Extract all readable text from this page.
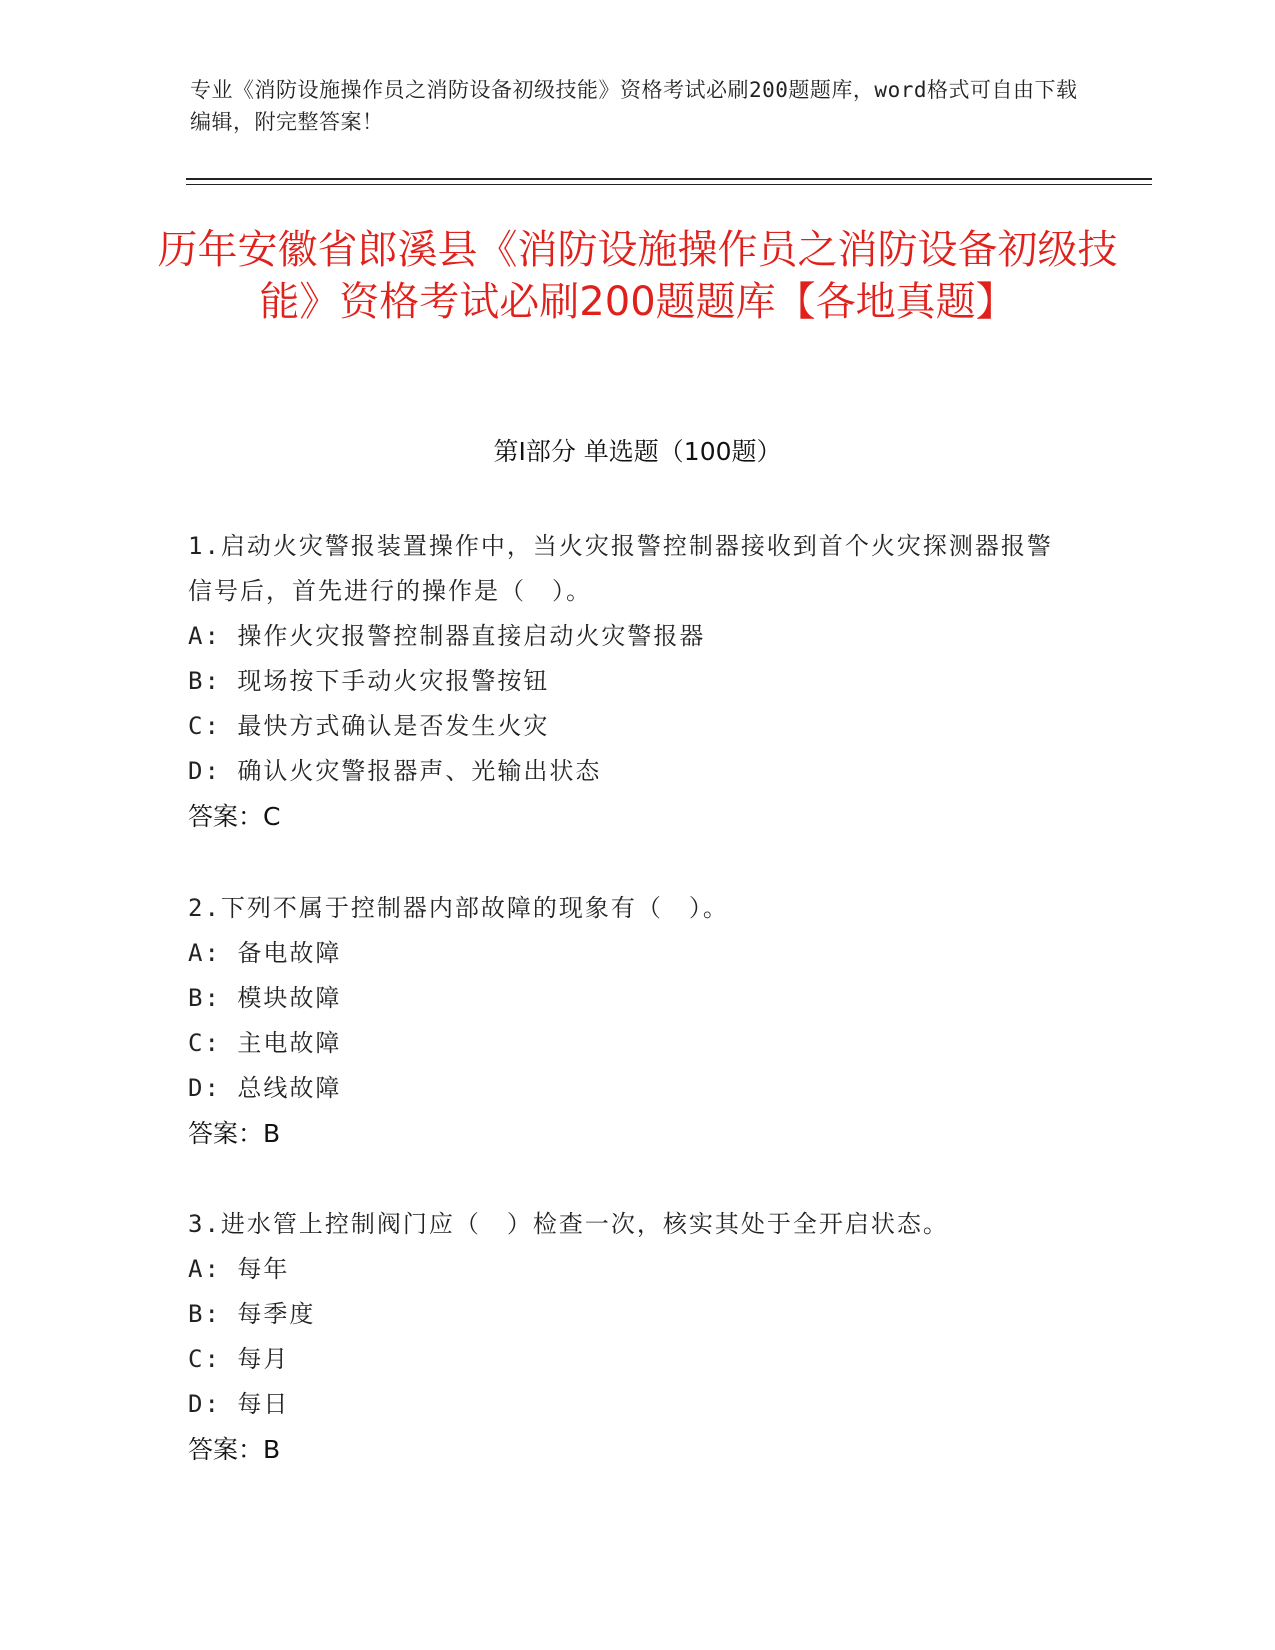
专业《消防设施操作员之消防设备初级技能》资格考试必刷200题题库，word格式可自由下载编辑，附完整答案！
历年安徽省郎溪县《消防设施操作员之消防设备初级技能》资格考试必刷200题题库【各地真题】
第Ⅰ部分 单选题（100题）

1.启动火灾警报装置操作中，当火灾报警控制器接收到首个火灾探测器报警信号后，首先进行的操作是（　）。

A: 操作火灾报警控制器直接启动火灾警报器

B: 现场按下手动火灾报警按钮

C: 最快方式确认是否发生火灾

D: 确认火灾警报器声、光输出状态

答案：C

2.下列不属于控制器内部故障的现象有（　）。

A: 备电故障

B: 模块故障

C: 主电故障

D: 总线故障

答案：B

3.进水管上控制阀门应（　）检查一次，核实其处于全开启状态。

A: 每年

B: 每季度

C: 每月

D: 每日

答案：B
